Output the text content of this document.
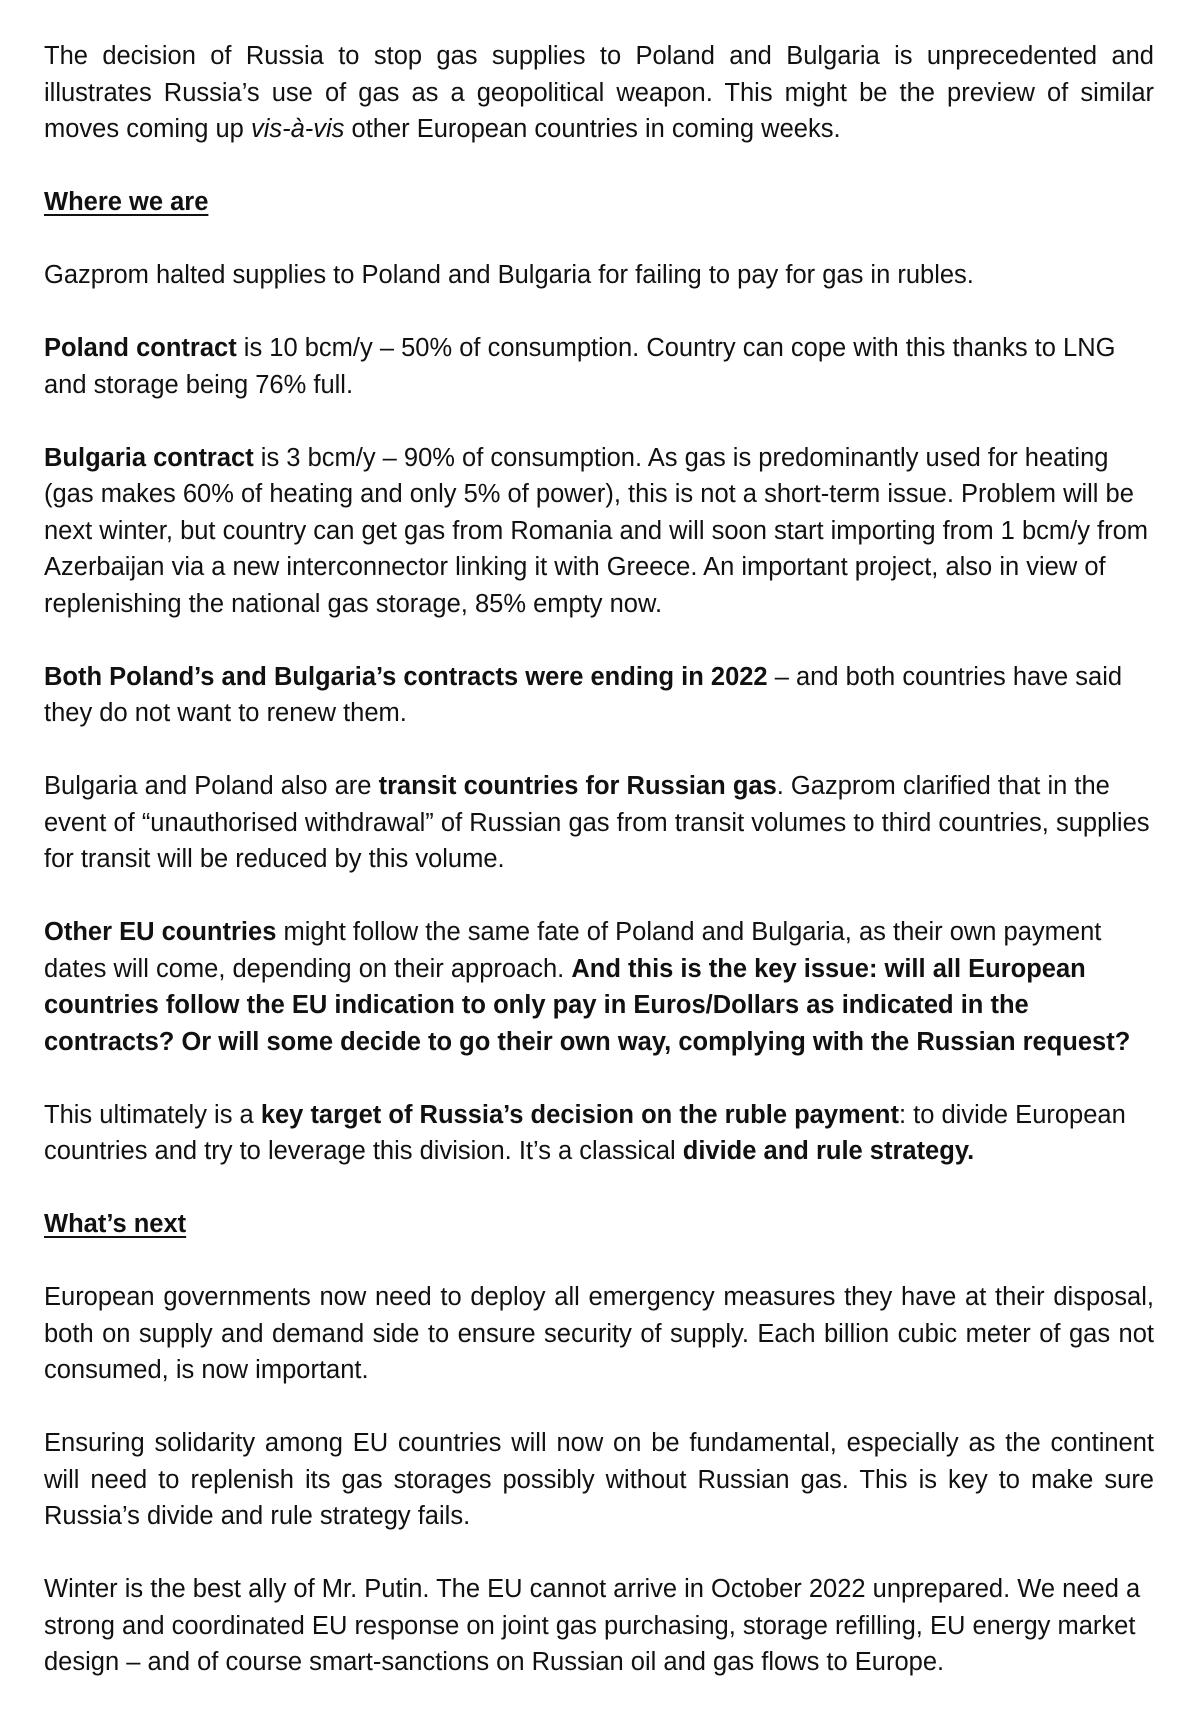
The decision of Russia to stop gas supplies to Poland and Bulgaria is unprecedented and illustrates Russia’s use of gas as a geopolitical weapon. This might be the preview of similar moves coming up vis-à-vis other European countries in coming weeks.

Where we are

Gazprom halted supplies to Poland and Bulgaria for failing to pay for gas in rubles.

Poland contract is 10 bcm/y – 50% of consumption. Country can cope with this thanks to LNG and storage being 76% full.

Bulgaria contract is 3 bcm/y – 90% of consumption. As gas is predominantly used for heating (gas makes 60% of heating and only 5% of power), this is not a short-term issue. Problem will be next winter, but country can get gas from Romania and will soon start importing from 1 bcm/y from Azerbaijan via a new interconnector linking it with Greece. An important project, also in view of replenishing the national gas storage, 85% empty now.

Both Poland’s and Bulgaria’s contracts were ending in 2022 – and both countries have said they do not want to renew them.

Bulgaria and Poland also are transit countries for Russian gas. Gazprom clarified that in the event of “unauthorised withdrawal” of Russian gas from transit volumes to third countries, supplies for transit will be reduced by this volume.

Other EU countries might follow the same fate of Poland and Bulgaria, as their own payment dates will come, depending on their approach. And this is the key issue: will all European countries follow the EU indication to only pay in Euros/Dollars as indicated in the contracts? Or will some decide to go their own way, complying with the Russian request?

This ultimately is a key target of Russia’s decision on the ruble payment: to divide European countries and try to leverage this division. It’s a classical divide and rule strategy.

What’s next

European governments now need to deploy all emergency measures they have at their disposal, both on supply and demand side to ensure security of supply. Each billion cubic meter of gas not consumed, is now important.

Ensuring solidarity among EU countries will now on be fundamental, especially as the continent will need to replenish its gas storages possibly without Russian gas. This is key to make sure Russia’s divide and rule strategy fails.

Winter is the best ally of Mr. Putin. The EU cannot arrive in October 2022 unprepared. We need a strong and coordinated EU response on joint gas purchasing, storage refilling, EU energy market design – and of course smart-sanctions on Russian oil and gas flows to Europe.
